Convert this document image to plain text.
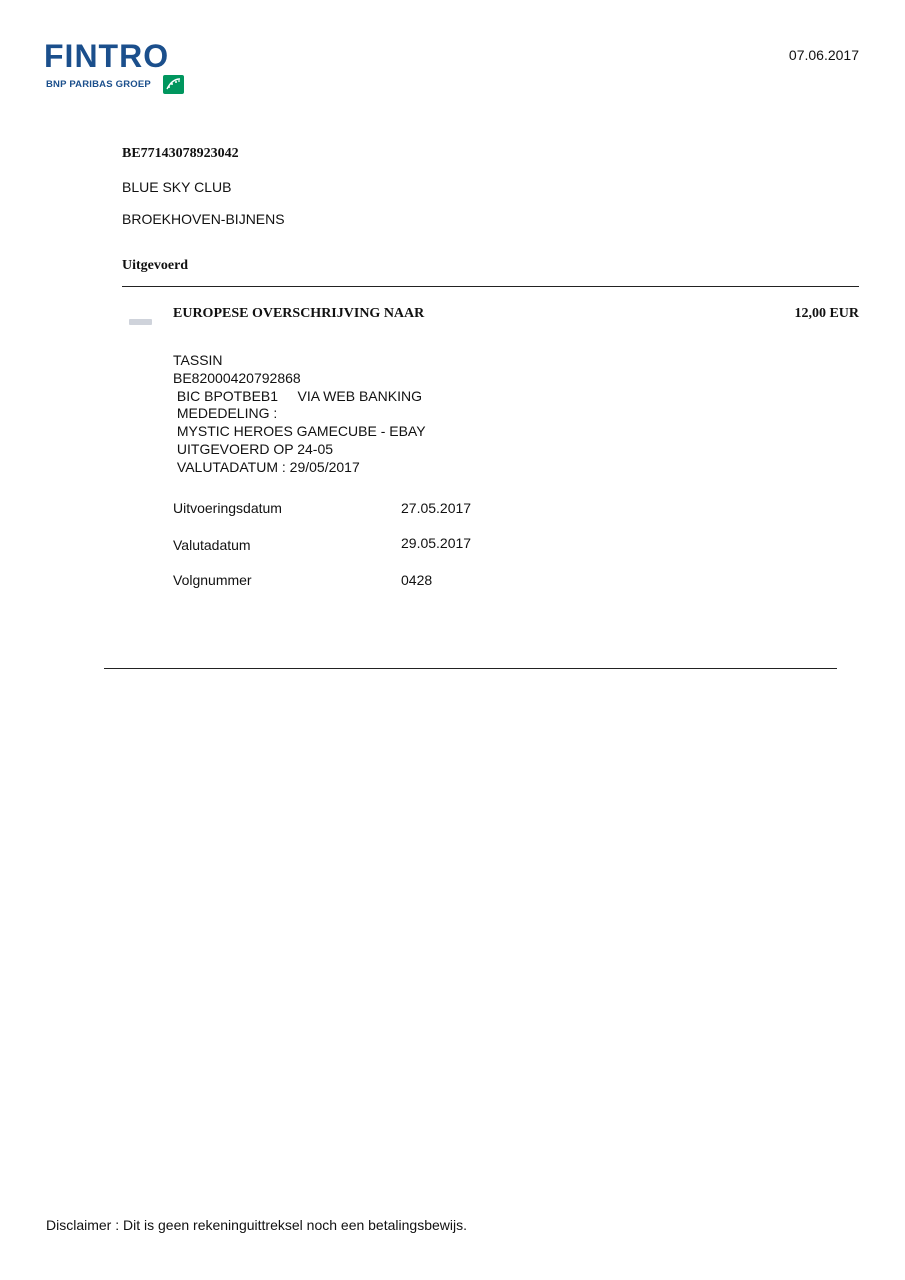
FINTRO
BNP PARIBAS GROEP
07.06.2017
BE77143078923042
BLUE SKY CLUB
BROEKHOVEN-BIJNENS
Uitgevoerd
EUROPESE OVERSCHRIJVING NAAR	12,00 EUR
TASSIN
BE82000420792868
BIC BPOTBEB1     VIA WEB BANKING
MEDEDELING :
MYSTIC HEROES GAMECUBE - EBAY
UITGEVOERD OP 24-05
VALUTADATUM : 29/05/2017
Uitvoeringsdatum	27.05.2017
Valutadatum	29.05.2017
Volgnummer	0428
Disclaimer : Dit is geen rekeninguittreksel noch een betalingsbewijs.
